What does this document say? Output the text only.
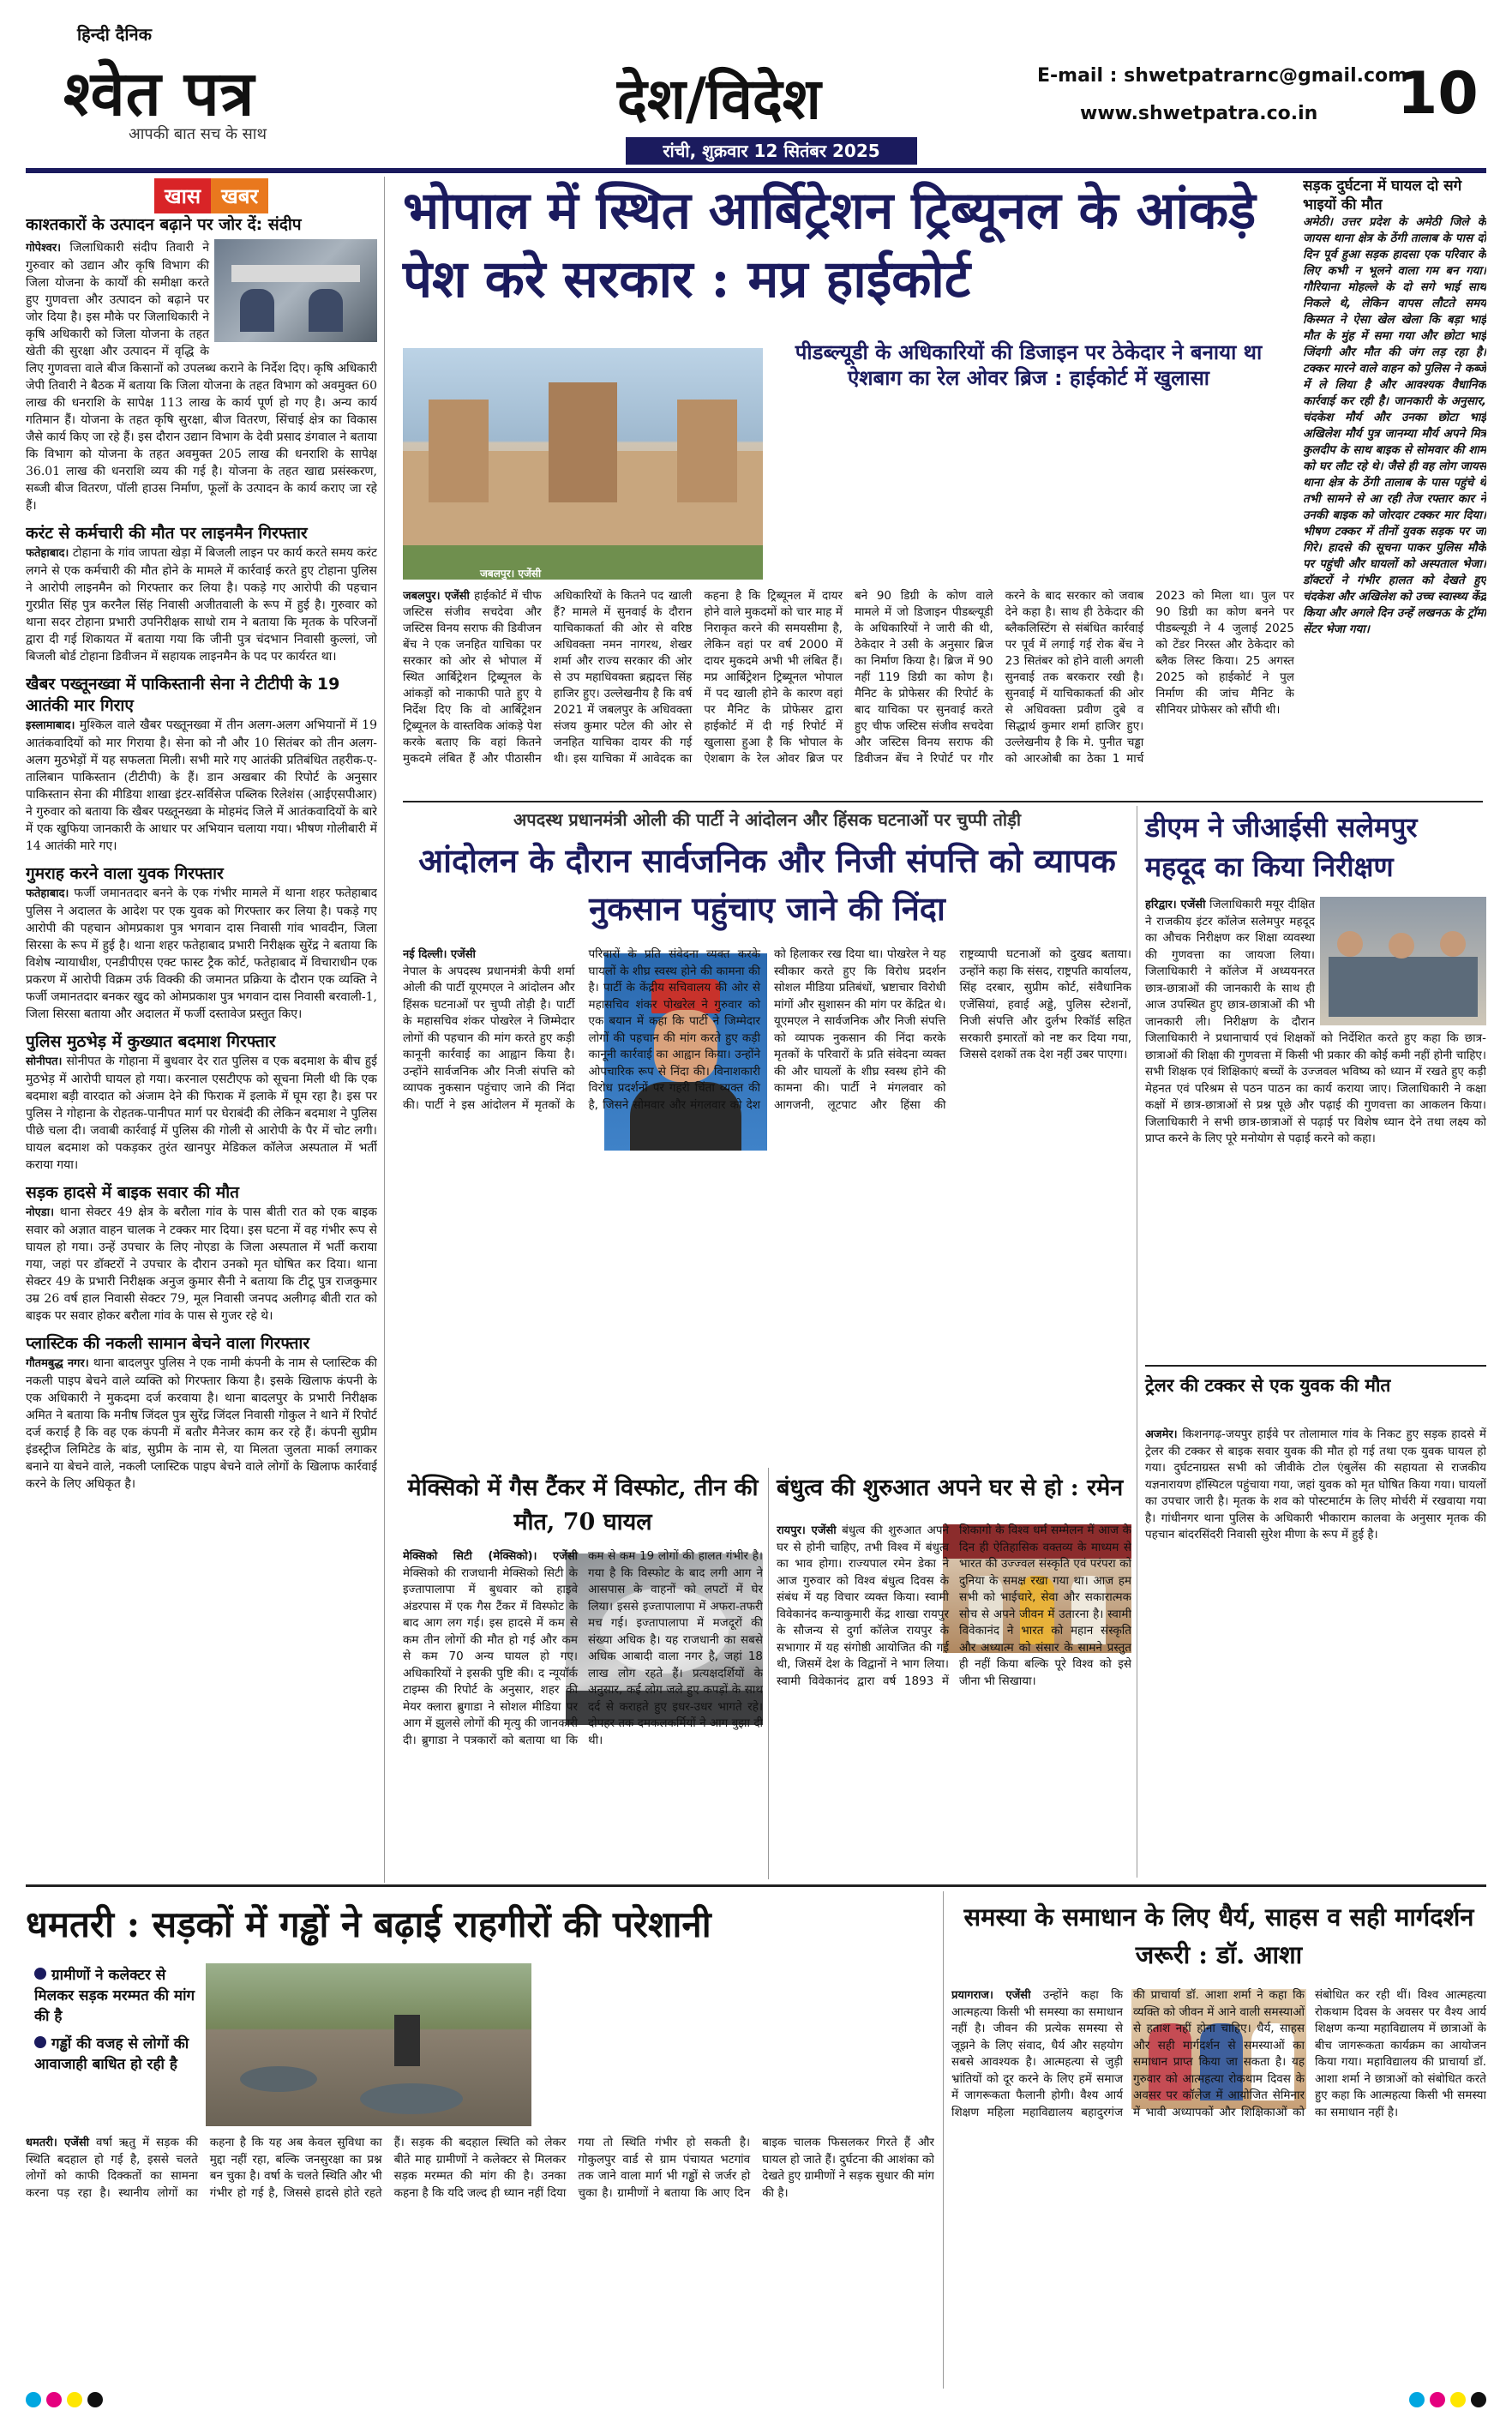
हिन्दी दैनिक
श्वेत पत्र
आपकी बात सच के साथ
देश/विदेश
रांची, शुक्रवार 12 सितंबर 2025
E-mail : shwetpatrarnc@gmail.com
www.shwetpatra.co.in 10
खास	खबर
काश्तकारों के उत्पादन बढ़ाने पर जोर दें: संदीप
गोपेश्वर। जिलाधिकारी संदीप तिवारी ने गुरुवार को उद्यान और कृषि विभाग की जिला योजना के कार्यों की समीक्षा करते हुए गुणवत्ता और उत्पादन को बढ़ाने पर जोर दिया है। इस मौके पर जिलाधिकारी ने कृषि अधिकारी को जिला योजना के तहत खेती की सुरक्षा और उत्पादन में वृद्धि के लिए गुणवत्ता वाले बीज किसानों को उपलब्ध कराने के निर्देश दिए। कृषि अधिकारी जेपी तिवारी ने बैठक में बताया कि जिला योजना के तहत विभाग को अवमुक्त 60 लाख की धनराशि के सापेक्ष 113 लाख के कार्य पूर्ण हो गए है। अन्य कार्य गतिमान हैं। योजना के तहत कृषि सुरक्षा, बीज वितरण, सिंचाई क्षेत्र का विकास जैसे कार्य किए जा रहे हैं। इस दौरान उद्यान विभाग के देवी प्रसाद डंगवाल ने बताया कि विभाग को योजना के तहत अवमुक्त 205 लाख की धनराशि के सापेक्ष 36.01 लाख की धनराशि व्यय की गई है। योजना के तहत खाद्य प्रसंस्करण, सब्जी बीज वितरण, पॉली हाउस निर्माण, फूलों के उत्पादन के कार्य कराए जा रहे हैं।
करंट से कर्मचारी की मौत पर लाइनमैन गिरफ्तार
फतेहाबाद। टोहाना के गांव जापता खेड़ा में बिजली लाइन पर कार्य करते समय करंट लगने से एक कर्मचारी की मौत होने के मामले में कार्रवाई करते हुए टोहाना पुलिस ने आरोपी लाइनमैन को गिरफ्तार कर लिया है। पकड़े गए आरोपी की पहचान गुरप्रीत सिंह पुत्र करनैल सिंह निवासी अजीतवाली के रूप में हुई है। गुरुवार को थाना सदर टोहाना प्रभारी उपनिरीक्षक साधो राम ने बताया कि मृतक के परिजनों द्वारा दी गई शिकायत में बताया गया कि जीनी पुत्र चंदभान निवासी कुल्लां, जो बिजली बोर्ड टोहाना डिवीजन में सहायक लाइनमैन के पद पर कार्यरत था।
खैबर पख्तूनख्वा में पाकिस्तानी सेना ने टीटीपी के 19 आतंकी मार गिराए
इस्लामाबाद। मुश्किल वाले खैबर पख्तूनख्वा में तीन अलग-अलग अभियानों में 19 आतंकवादियों को मार गिराया है। सेना को नौ और 10 सितंबर को तीन अलग-अलग मुठभेड़ों में यह सफलता मिली। सभी मारे गए आतंकी प्रतिबंधित तहरीक-ए-तालिबान पाकिस्तान (टीटीपी) के हैं। डान अखबार की रिपोर्ट के अनुसार पाकिस्तान सेना की मीडिया शाखा इंटर-सर्विसेज पब्लिक रिलेशंस (आईएसपीआर) ने गुरुवार को बताया कि खैबर पख्तूनख्वा के मोहमंद जिले में आतंकवादियों के बारे में एक खुफिया जानकारी के आधार पर अभियान चलाया गया। भीषण गोलीबारी में 14 आतंकी मारे गए।
गुमराह करने वाला युवक गिरफ्तार
फतेहाबाद। फर्जी जमानतदार बनने के एक गंभीर मामले में थाना शहर फतेहाबाद पुलिस ने अदालत के आदेश पर एक युवक को गिरफ्तार कर लिया है। पकड़े गए आरोपी की पहचान ओमप्रकाश पुत्र भगवान दास निवासी गांव भावदीन, जिला सिरसा के रूप में हुई है। थाना शहर फतेहाबाद प्रभारी निरीक्षक सुरेंद्र ने बताया कि विशेष न्यायाधीश, एनडीपीएस एक्ट फास्ट ट्रैक कोर्ट, फतेहाबाद में विचाराधीन एक प्रकरण में आरोपी विक्रम उर्फ विक्की की जमानत प्रक्रिया के दौरान एक व्यक्ति ने फर्जी जमानतदार बनकर खुद को ओमप्रकाश पुत्र भगवान दास निवासी बरवाली-1, जिला सिरसा बताया और अदालत में फर्जी दस्तावेज प्रस्तुत किए।
पुलिस मुठभेड़ में कुख्यात बदमाश गिरफ्तार
सोनीपत। सोनीपत के गोहाना में बुधवार देर रात पुलिस व एक बदमाश के बीच हुई मुठभेड़ में आरोपी घायल हो गया। करनाल एसटीएफ को सूचना मिली थी कि एक बदमाश बड़ी वारदात को अंजाम देने की फिराक में इलाके में घूम रहा है। इस पर पुलिस ने गोहाना के रोहतक-पानीपत मार्ग पर घेराबंदी की लेकिन बदमाश ने पुलिस पीछे चला दी। जवाबी कार्रवाई में पुलिस की गोली से आरोपी के पैर में चोट लगी। घायल बदमाश को पकड़कर तुरंत खानपुर मेडिकल कॉलेज अस्पताल में भर्ती कराया गया।
सड़क हादसे में बाइक सवार की मौत
नोएडा। थाना सेक्टर 49 क्षेत्र के बरौला गांव के पास बीती रात को एक बाइक सवार को अज्ञात वाहन चालक ने टक्कर मार दिया। इस घटना में वह गंभीर रूप से घायल हो गया। उन्हें उपचार के लिए नोएडा के जिला अस्पताल में भर्ती कराया गया, जहां पर डॉक्टरों ने उपचार के दौरान उनको मृत घोषित कर दिया। थाना सेक्टर 49 के प्रभारी निरीक्षक अनुज कुमार सैनी ने बताया कि टीटू पुत्र राजकुमार उम्र 26 वर्ष हाल निवासी सेक्टर 79, मूल निवासी जनपद अलीगढ़ बीती रात को बाइक पर सवार होकर बरौला गांव के पास से गुजर रहे थे।
प्लास्टिक की नकली सामान बेचने वाला गिरफ्तार
गौतमबुद्ध नगर। थाना बादलपुर पुलिस ने एक नामी कंपनी के नाम से प्लास्टिक की नकली पाइप बेचने वाले व्यक्ति को गिरफ्तार किया है। इसके खिलाफ कंपनी के एक अधिकारी ने मुकदमा दर्ज करवाया है। थाना बादलपुर के प्रभारी निरीक्षक अमित ने बताया कि मनीष जिंदल पुत्र सुरेंद्र जिंदल निवासी गोकुल ने थाने में रिपोर्ट दर्ज कराई है कि वह एक कंपनी में बतौर मैनेजर काम कर रहे हैं। कंपनी सुप्रीम इंडस्ट्रीज लिमिटेड के बांड, सुप्रीम के नाम से, या मिलता जुलता मार्का लगाकर बनाने या बेचने वाले, नकली प्लास्टिक पाइप बेचने वाले लोगों के खिलाफ कार्रवाई करने के लिए अधिकृत है।
भोपाल में स्थित आर्बिट्रेशन ट्रिब्यूनल के आंकड़े पेश करे सरकार : मप्र हाईकोर्ट
जबलपुर। एजेंसी
पीडब्ल्यूडी के अधिकारियों की डिजाइन पर ठेकेदार ने बनाया था ऐशबाग का रेल ओवर ब्रिज : हाईकोर्ट में खुलासा
जबलपुर। एजेंसी हाईकोर्ट में चीफ जस्टिस संजीव सचदेवा और जस्टिस विनय सराफ की डिवीजन बेंच ने एक जनहित याचिका पर सरकार को ओर से भोपाल में स्थित आर्बिट्रेशन ट्रिब्यूनल के आंकड़ों को नाकाफी पाते हुए ये निर्देश दिए कि वो आर्बिट्रेशन ट्रिब्यूनल के वास्तविक आंकड़े पेश करके बताए कि वहां कितने मुकदमे लंबित हैं और पीठासीन अधिकारियों के कितने पद खाली हैं? मामले में सुनवाई के दौरान याचिकाकर्ता की ओर से वरिष्ठ अधिवक्ता नमन नागरथ, शेखर शर्मा और राज्य सरकार की ओर से उप महाधिवक्ता ब्रह्मदत्त सिंह हाजिर हुए। उल्लेखनीय है कि वर्ष 2021 में जबलपुर के अधिवक्ता संजय कुमार पटेल की ओर से जनहित याचिका दायर की गई थी। इस याचिका में आवेदक का कहना है कि ट्रिब्यूनल में दायर होने वाले मुकदमों को चार माह में निराकृत करने की समयसीमा है, लेकिन वहां पर वर्ष 2000 में दायर मुकदमे अभी भी लंबित हैं। मप्र आर्बिट्रेशन ट्रिब्यूनल भोपाल में पद खाली होने के कारण वहां पर मैनिट के प्रोफेसर द्वारा हाईकोर्ट में दी गई रिपोर्ट में खुलासा हुआ है कि भोपाल के ऐशबाग के रेल ओवर ब्रिज पर बने 90 डिग्री के कोण वाले मामले में जो डिजाइन पीडब्ल्यूडी के अधिकारियों ने जारी की थी, ठेकेदार ने उसी के अनुसार ब्रिज का निर्माण किया है। ब्रिज में 90 नहीं 119 डिग्री का कोण है। मैनिट के प्रोफेसर की रिपोर्ट के बाद याचिका पर सुनवाई करते हुए चीफ जस्टिस संजीव सचदेवा और जस्टिस विनय सराफ की डिवीजन बेंच ने रिपोर्ट पर गौर करने के बाद सरकार को जवाब देने कहा है। साथ ही ठेकेदार की ब्लैकलिस्टिंग से संबंधित कार्रवाई पर पूर्व में लगाई गई रोक बेंच ने 23 सितंबर को होने वाली अगली सुनवाई तक बरकरार रखी है। सुनवाई में याचिकाकर्ता की ओर से अधिवक्ता प्रवीण दुबे व सिद्धार्थ कुमार शर्मा हाजिर हुए। उल्लेखनीय है कि मे. पुनीत चड्ढा को आरओबी का ठेका 1 मार्च 2023 को मिला था। पुल पर 90 डिग्री का कोण बनने पर पीडब्ल्यूडी ने 4 जुलाई 2025 को टेंडर निरस्त और ठेकेदार को ब्लैक लिस्ट किया। 25 अगस्त 2025 को हाईकोर्ट ने पुल निर्माण की जांच मैनिट के सीनियर प्रोफेसर को सौंपी थी।
सड़क दुर्घटना में घायल दो सगे भाइयों की मौत
अमेठी। उत्तर प्रदेश के अमेठी जिले के जायस थाना क्षेत्र के ठेंगी तालाब के पास दो दिन पूर्व हुआ सड़क हादसा एक परिवार के लिए कभी न भूलने वाला गम बन गया। गौरियाना मोहल्ले के दो सगे भाई साथ निकले थे, लेकिन वापस लौटते समय किस्मत ने ऐसा खेल खेला कि बड़ा भाई मौत के मुंह में समा गया और छोटा भाई जिंदगी और मौत की जंग लड़ रहा है। टक्कर मारने वाले वाहन को पुलिस ने कब्जे में ले लिया है और आवश्यक वैधानिक कार्रवाई कर रही है। जानकारी के अनुसार, चंदकेश मौर्य और उनका छोटा भाई अखिलेश मौर्य पुत्र जानम्या मौर्य अपने मित्र कुलदीप के साथ बाइक से सोमवार की शाम को घर लौट रहे थे। जैसे ही वह लोग जायस थाना क्षेत्र के ठेंगी तालाब के पास पहुंचे थे तभी सामने से आ रही तेज रफ्तार कार ने उनकी बाइक को जोरदार टक्कर मार दिया। भीषण टक्कर में तीनों युवक सड़क पर जा गिरे। हादसे की सूचना पाकर पुलिस मौके पर पहुंची और घायलों को अस्पताल भेजा। डॉक्टरों ने गंभीर हालत को देखते हुए चंदकेश और अखिलेश को उच्च स्वास्थ्य केंद्र किया और अगले दिन उन्हें लखनऊ के ट्रॉमा सेंटर भेजा गया।
अपदस्थ प्रधानमंत्री ओली की पार्टी ने आंदोलन और हिंसक घटनाओं पर चुप्पी तोड़ी
आंदोलन के दौरान सार्वजनिक और निजी संपत्ति को व्यापक नुकसान पहुंचाए जाने की निंदा
नई दिल्ली। एजेंसी
नेपाल के अपदस्थ प्रधानमंत्री केपी शर्मा ओली की पार्टी यूएमएल ने आंदोलन और हिंसक घटनाओं पर चुप्पी तोड़ी है। पार्टी के महासचिव शंकर पोखरेल ने जिम्मेदार लोगों की पहचान की मांग करते हुए कड़ी कानूनी कार्रवाई का आह्वान किया है। उन्होंने सार्वजनिक और निजी संपत्ति को व्यापक नुकसान पहुंचाए जाने की निंदा की। पार्टी ने इस आंदोलन में मृतकों के परिवारों के प्रति संवेदना व्यक्त करके घायलों के शीघ्र स्वस्थ होने की कामना की है। पार्टी के केंद्रीय सचिवालय की ओर से महासचिव शंकर पोखरेल ने गुरुवार को एक बयान में कहा कि पार्टी ने जिम्मेदार लोगों की पहचान की मांग करते हुए कड़ी कानूनी कार्रवाई का आह्वान किया। उन्होंने ओपचारिक रूप से निंदा की। विनाशकारी विरोध प्रदर्शनों पर गहरी चिंता व्यक्त की है, जिसने सोमवार और मंगलवार को देश को हिलाकर रख दिया था। पोखरेल ने यह स्वीकार करते हुए कि विरोध प्रदर्शन सोशल मीडिया प्रतिबंधों, भ्रष्टाचार विरोधी मांगों और सुशासन की मांग पर केंद्रित थे। यूएमएल ने सार्वजनिक और निजी संपत्ति को व्यापक नुकसान की निंदा करके मृतकों के परिवारों के प्रति संवेदना व्यक्त की और घायलों के शीघ्र स्वस्थ होने की कामना की। पार्टी ने मंगलवार को आगजनी, लूटपाट और हिंसा की राष्ट्रव्यापी घटनाओं को दुखद बताया। उन्होंने कहा कि संसद, राष्ट्रपति कार्यालय, सिंह दरबार, सुप्रीम कोर्ट, संवैधानिक एजेंसियां, हवाई अड्डे, पुलिस स्टेशनों, निजी संपत्ति और दुर्लभ रिकॉर्ड सहित सरकारी इमारतों को नष्ट कर दिया गया, जिससे दशकों तक देश नहीं उबर पाएगा।
डीएम ने जीआईसी सलेमपुर महदूद का किया निरीक्षण
हरिद्वार। एजेंसी जिलाधिकारी मयूर दीक्षित ने राजकीय इंटर कॉलेज सलेमपुर महदूद का औचक निरीक्षण कर शिक्षा व्यवस्था की गुणवत्ता का जायजा लिया। जिलाधिकारी ने कॉलेज में अध्ययनरत छात्र-छात्राओं की जानकारी के साथ ही आज उपस्थित हुए छात्र-छात्राओं की भी जानकारी ली। निरीक्षण के दौरान जिलाधिकारी ने प्रधानाचार्य एवं शिक्षकों को निर्देशित करते हुए कहा कि छात्र-छात्राओं की शिक्षा की गुणवत्ता में किसी भी प्रकार की कोई कमी नहीं होनी चाहिए। सभी शिक्षक एवं शिक्षिकाएं बच्चों के उज्जवल भविष्य को ध्यान में रखते हुए कड़ी मेहनत एवं परिश्रम से पठन पाठन का कार्य कराया जाए। जिलाधिकारी ने कक्षा कक्षों में छात्र-छात्राओं से प्रश्न पूछे और पढ़ाई की गुणवत्ता का आकलन किया। जिलाधिकारी ने सभी छात्र-छात्राओं से पढ़ाई पर विशेष ध्यान देने तथा लक्ष्य को प्राप्त करने के लिए पूरे मनोयोग से पढ़ाई करने को कहा।
मेक्सिको में गैस टैंकर में विस्फोट, तीन की मौत, 70 घायल
मेक्सिको सिटी (मेक्सिको)। एजेंसी मेक्सिको की राजधानी मेक्सिको सिटी के इज्तापालापा में बुधवार को हाइवे अंडरपास में एक गैस टैंकर में विस्फोट के बाद आग लग गई। इस हादसे में कम से कम तीन लोगों की मौत हो गई और कम से कम 70 अन्य घायल हो गए। अधिकारियों ने इसकी पुष्टि की। द न्यूयॉर्क टाइम्स की रिपोर्ट के अनुसार, शहर की मेयर क्लारा ब्रुगाडा ने सोशल मीडिया पर आग में झुलसे लोगों की मृत्यु की जानकारी दी। ब्रुगाडा ने पत्रकारों को बताया था कि कम से कम 19 लोगों की हालत गंभीर है। गया है कि विस्फोट के बाद लगी आग ने आसपास के वाहनों को लपटों में घेर लिया। इससे इज्तापालापा में अफरा-तफरी मच गई। इज्तापालापा में मजदूरों की संख्या अधिक है। यह राजधानी का सबसे अधिक आबादी वाला नगर है, जहां 18 लाख लोग रहते हैं। प्रत्यक्षदर्शियों के अनुसार, कई लोग जले हुए कपड़ों के साथ दर्द से कराहते हुए इधर-उधर भागते रहे। दोपहर तक दमकलकर्मियों ने आग बुझा दी थी।
बंधुत्व की शुरुआत अपने घर से हो : रमेन
रायपुर। एजेंसी बंधुत्व की शुरुआत अपने घर से होनी चाहिए, तभी विश्व में बंधुत्व का भाव होगा। राज्यपाल रमेन डेका ने आज गुरुवार को विश्व बंधुत्व दिवस के संबंध में यह विचार व्यक्त किया। स्वामी विवेकानंद कन्याकुमारी केंद्र शाखा रायपुर के सौजन्य से दुर्गा कॉलेज रायपुर के सभागार में यह संगोष्ठी आयोजित की गई थी, जिसमें देश के विद्वानों ने भाग लिया। स्वामी विवेकानंद द्वारा वर्ष 1893 में शिकागो के विश्व धर्म सम्मेलन में आज के दिन ही ऐतिहासिक वक्तव्य के माध्यम से भारत की उज्ज्वल संस्कृति एवं परंपरा को दुनिया के समक्ष रखा गया था। आज हम सभी को भाईचारे, सेवा और सकारात्मक सोच से अपने जीवन में उतारना है। स्वामी विवेकानंद ने भारत को महान संस्कृति और अध्यात्म को संसार के सामने प्रस्तुत ही नहीं किया बल्कि पूरे विश्व को इसे जीना भी सिखाया।
ट्रेलर की टक्कर से एक युवक की मौत
अजमेर। किशनगढ़-जयपुर हाईवे पर तोलामाल गांव के निकट हुए सड़क हादसे में ट्रेलर की टक्कर से बाइक सवार युवक की मौत हो गई तथा एक युवक घायल हो गया। दुर्घटनाग्रस्त सभी को जीवीके टोल एंबुलेंस की सहायता से राजकीय यज्ञनारायण हॉस्पिटल पहुंचाया गया, जहां युवक को मृत घोषित किया गया। घायलों का उपचार जारी है। मृतक के शव को पोस्टमार्टम के लिए मोर्चरी में रखवाया गया है। गांधीनगर थाना पुलिस के अधिकारी भीकाराम कालवा के अनुसार मृतक की पहचान बांदरसिंदरी निवासी सुरेश मीणा के रूप में हुई है।
धमतरी : सड़कों में गड्ढों ने बढ़ाई राहगीरों की परेशानी
ग्रामीणों ने कलेक्टर से मिलकर सड़क मरम्मत की मांग की है
गड्ढों की वजह से लोगों की आवाजाही बाधित हो रही है
धमतरी। एजेंसी वर्षा ऋतु में सड़क की स्थिति बदहाल हो गई है, इससे चलते लोगों को काफी दिक्कतों का सामना करना पड़ रहा है। स्थानीय लोगों का कहना है कि यह अब केवल सुविधा का मुद्दा नहीं रहा, बल्कि जनसुरक्षा का प्रश्न बन चुका है। वर्षा के चलते स्थिति और भी गंभीर हो गई है, जिससे हादसे होते रहते हैं। सड़क की बदहाल स्थिति को लेकर बीते माह ग्रामीणों ने कलेक्टर से मिलकर सड़क मरम्मत की मांग की है। उनका कहना है कि यदि जल्द ही ध्यान नहीं दिया गया तो स्थिति गंभीर हो सकती है। गोकुलपुर वार्ड से ग्राम पंचायत भटगांव तक जाने वाला मार्ग भी गड्ढों से जर्जर हो चुका है। ग्रामीणों ने बताया कि आए दिन बाइक चालक फिसलकर गिरते हैं और घायल हो जाते हैं। दुर्घटना की आशंका को देखते हुए ग्रामीणों ने सड़क सुधार की मांग की है।
समस्या के समाधान के लिए धैर्य, साहस व सही मार्गदर्शन जरूरी : डॉ. आशा
प्रयागराज। एजेंसी उन्होंने कहा कि आत्महत्या किसी भी समस्या का समाधान नहीं है। जीवन की प्रत्येक समस्या से जूझने के लिए संवाद, धैर्य और सहयोग सबसे आवश्यक है। आत्महत्या से जुड़ी भ्रांतियों को दूर करने के लिए हमें समाज में जागरूकता फैलानी होगी। वैश्य आर्य शिक्षण महिला महाविद्यालय बहादुरगंज की प्राचार्या डॉ. आशा शर्मा ने कहा कि व्यक्ति को जीवन में आने वाली समस्याओं से हताश नहीं होना चाहिए। धैर्य, साहस और सही मार्गदर्शन से समस्याओं का समाधान प्राप्त किया जा सकता है। यह गुरुवार को आत्महत्या रोकथाम दिवस के अवसर पर कॉलेज में आयोजित सेमिनार में भावी अध्यापकों और शिक्षिकाओं को संबोधित कर रही थीं। विश्व आत्महत्या रोकथाम दिवस के अवसर पर वैश्य आर्य शिक्षण कन्या महाविद्यालय में छात्राओं के बीच जागरूकता कार्यक्रम का आयोजन किया गया। महाविद्यालय की प्राचार्या डॉ. आशा शर्मा ने छात्राओं को संबोधित करते हुए कहा कि आत्महत्या किसी भी समस्या का समाधान नहीं है।
